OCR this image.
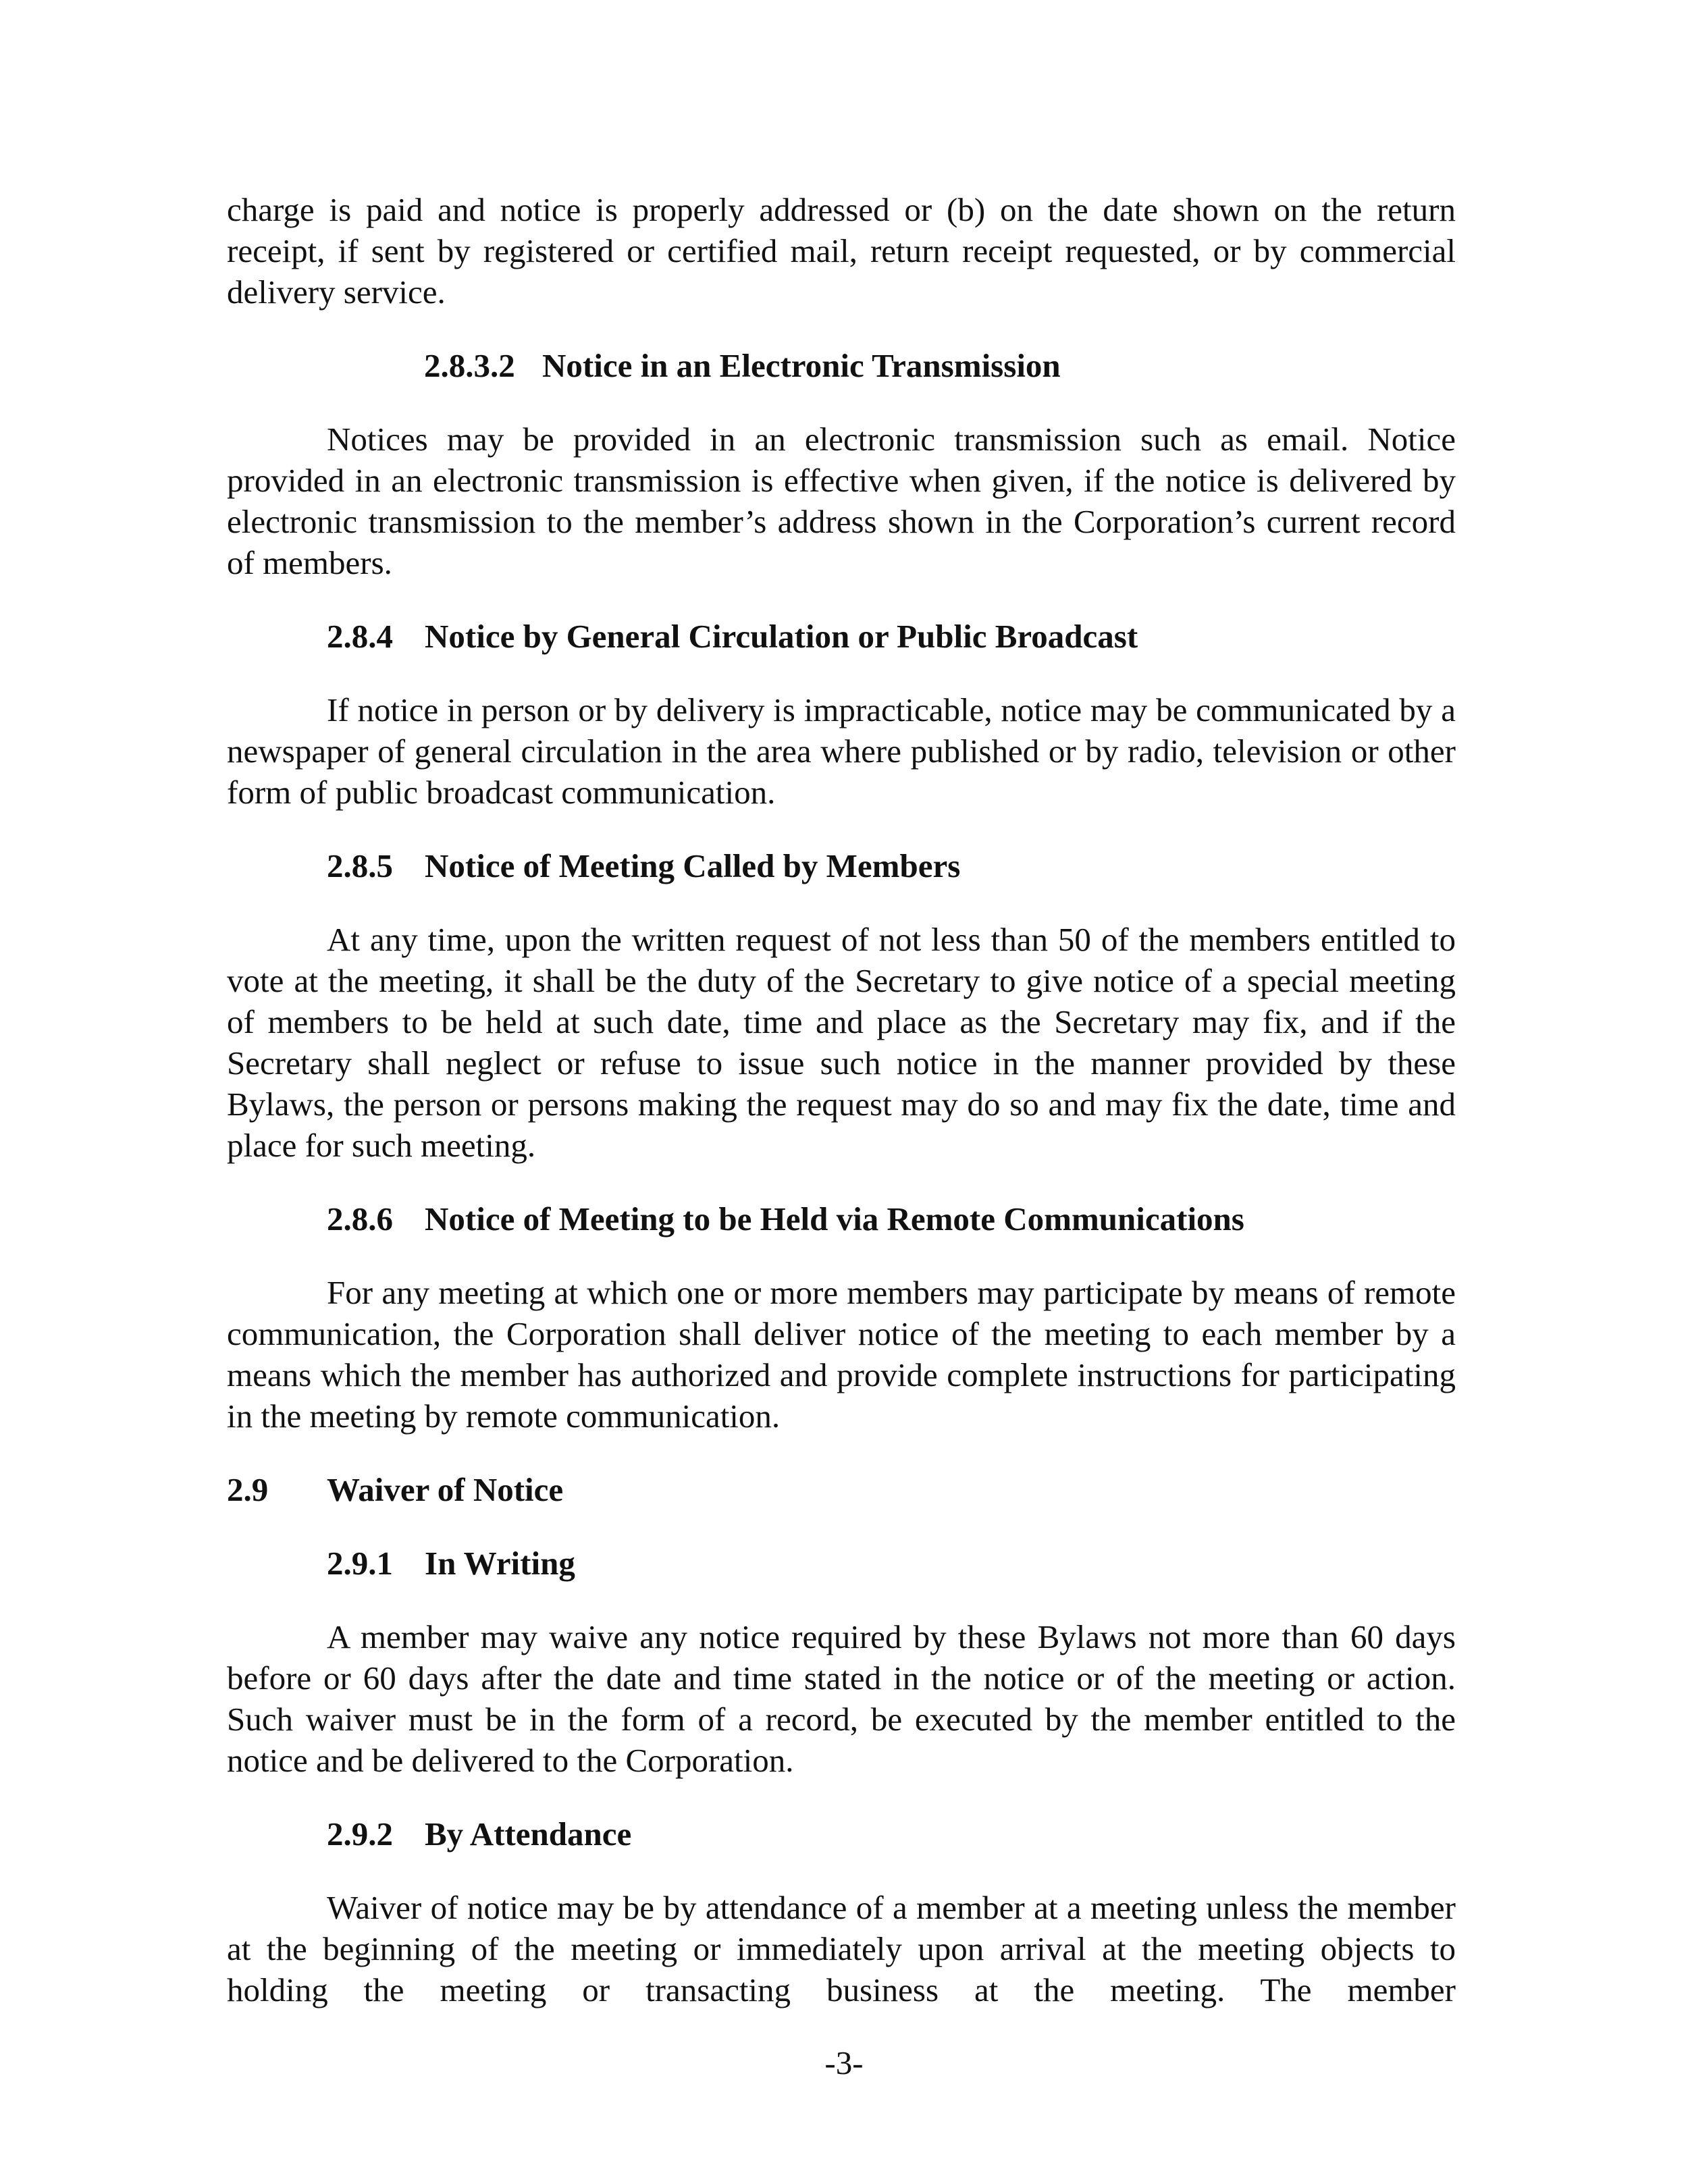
charge is paid and notice is properly addressed or (b) on the date shown on the return receipt, if sent by registered or certified mail, return receipt requested, or by commercial delivery service.

2.8.3.2 Notice in an Electronic Transmission

Notices may be provided in an electronic transmission such as email. Notice provided in an electronic transmission is effective when given, if the notice is delivered by electronic transmission to the member’s address shown in the Corporation’s current record of members.

2.8.4 Notice by General Circulation or Public Broadcast

If notice in person or by delivery is impracticable, notice may be communicated by a newspaper of general circulation in the area where published or by radio, television or other form of public broadcast communication.

2.8.5 Notice of Meeting Called by Members

At any time, upon the written request of not less than 50 of the members entitled to vote at the meeting, it shall be the duty of the Secretary to give notice of a special meeting of members to be held at such date, time and place as the Secretary may fix, and if the Secretary shall neglect or refuse to issue such notice in the manner provided by these Bylaws, the person or persons making the request may do so and may fix the date, time and place for such meeting.

2.8.6 Notice of Meeting to be Held via Remote Communications

For any meeting at which one or more members may participate by means of remote communication, the Corporation shall deliver notice of the meeting to each member by a means which the member has authorized and provide complete instructions for participating in the meeting by remote communication.

2.9 Waiver of Notice
2.9.1 In Writing

A member may waive any notice required by these Bylaws not more than 60 days before or 60 days after the date and time stated in the notice or of the meeting or action. Such waiver must be in the form of a record, be executed by the member entitled to the notice and be delivered to the Corporation.

2.9.2 By Attendance

Waiver of notice may be by attendance of a member at a meeting unless the member at the beginning of the meeting or immediately upon arrival at the meeting objects to holding the meeting or transacting business at the meeting. The member

-3-
